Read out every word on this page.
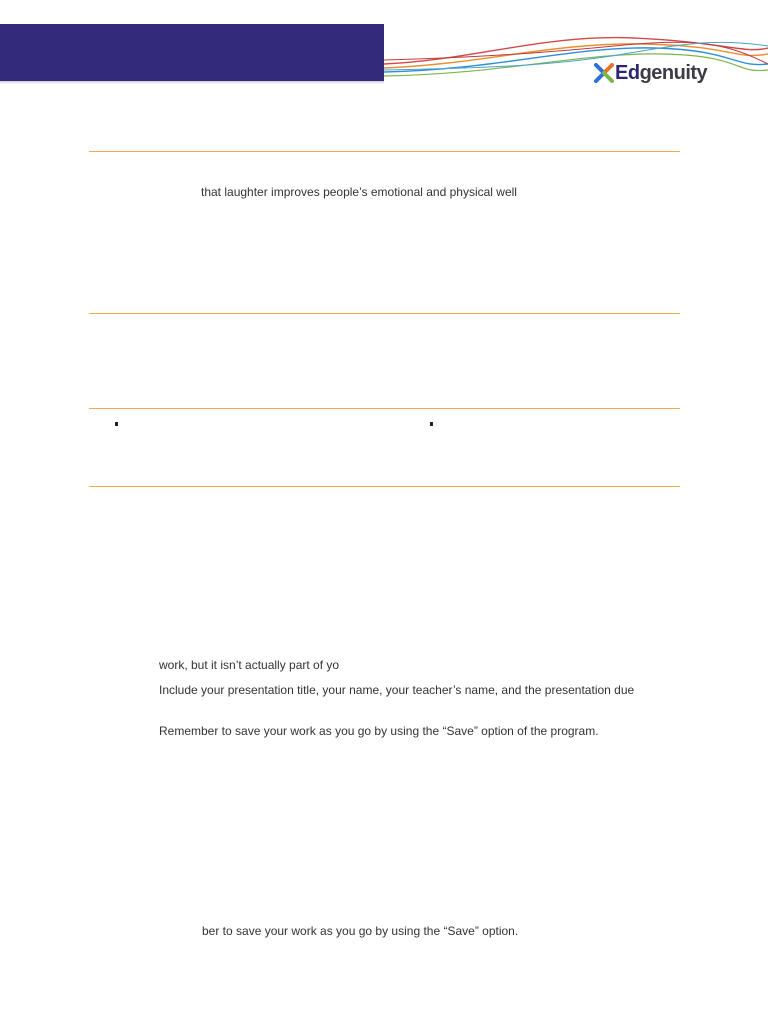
Edgenuity
that laughter improves people’s emotional and physical well
work, but it isn’t actually part of yo
Include your presentation title, your name, your teacher’s name, and the presentation due
Remember to save your work as you go by using the “Save” option of the program.
ber to save your work as you go by using the “Save” option.
